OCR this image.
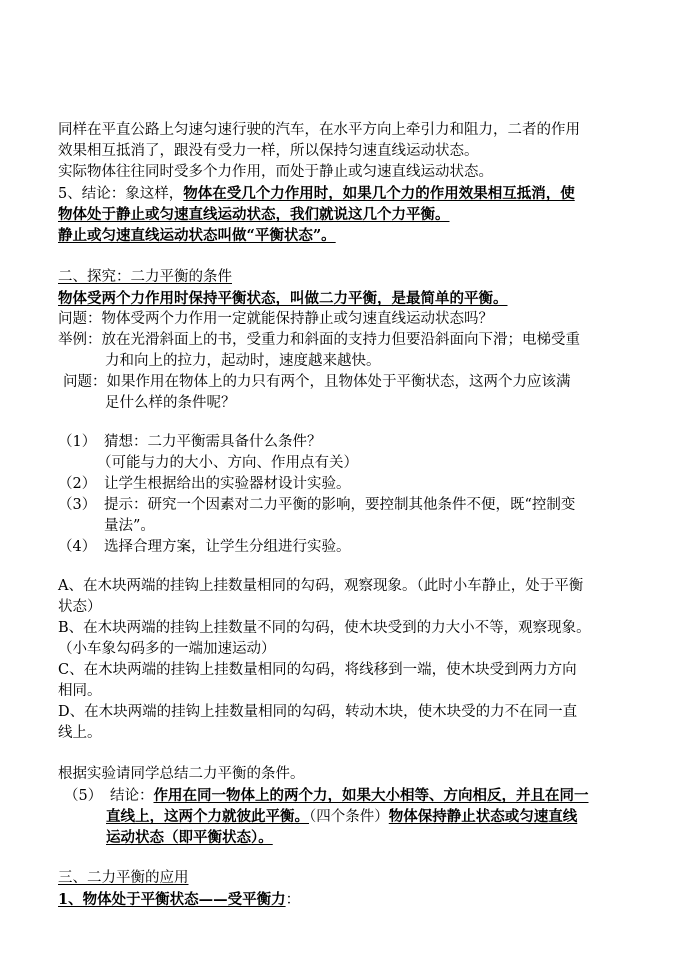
同样在平直公路上匀速匀速行驶的汽车，在水平方向上牵引力和阻力，二者的作用
效果相互抵消了，跟没有受力一样，所以保持匀速直线运动状态。
实际物体往往同时受多个力作用，而处于静止或匀速直线运动状态。
5、结论：象这样，物体在受几个力作用时，如果几个力的作用效果相互抵消，使
物体处于静止或匀速直线运动状态，我们就说这几个力平衡。
静止或匀速直线运动状态叫做“平衡状态”。
二、探究：二力平衡的条件
物体受两个力作用时保持平衡状态，叫做二力平衡，是最简单的平衡。
问题：物体受两个力作用一定就能保持静止或匀速直线运动状态吗？
举例：放在光滑斜面上的书，受重力和斜面的支持力但要沿斜面向下滑；电梯受重
力和向上的拉力，起动时，速度越来越快。
问题：如果作用在物体上的力只有两个，且物体处于平衡状态，这两个力应该满
足什么样的条件呢？
（1） 猜想：二力平衡需具备什么条件？
（可能与力的大小、方向、作用点有关）
（2） 让学生根据给出的实验器材设计实验。
（3） 提示：研究一个因素对二力平衡的影响，要控制其他条件不便，既“控制变
量法”。
（4） 选择合理方案，让学生分组进行实验。
A、在木块两端的挂钩上挂数量相同的勾码，观察现象。（此时小车静止，处于平衡
状态）
B、在木块两端的挂钩上挂数量不同的勾码，使木块受到的力大小不等，观察现象。
（小车象勾码多的一端加速运动）
C、在木块两端的挂钩上挂数量相同的勾码，将线移到一端，使木块受到两力方向
相同。
D、在木块两端的挂钩上挂数量相同的勾码，转动木块，使木块受的力不在同一直
线上。
根据实验请同学总结二力平衡的条件。
（5） 结论：作用在同一物体上的两个力，如果大小相等、方向相反，并且在同一
直线上，这两个力就彼此平衡。（四个条件）物体保持静止状态或匀速直线
运动状态（即平衡状态）。
三、二力平衡的应用
1、物体处于平衡状态——受平衡力：
